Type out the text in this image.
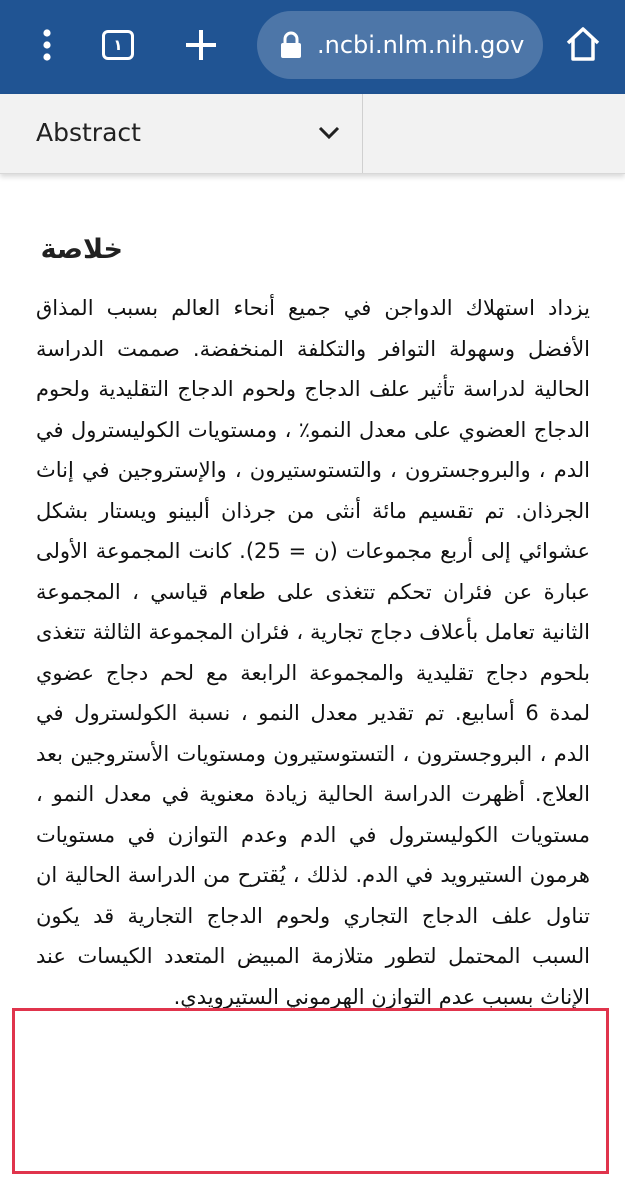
١	.ncbi.nlm.nih.gov
Abstract
خلاصة

يزداد استهلاك الدواجن في جميع أنحاء العالم بسبب المذاق الأفضل وسهولة التوافر والتكلفة المنخفضة. صممت الدراسة الحالية لدراسة تأثير علف الدجاج ولحوم الدجاج التقليدية ولحوم الدجاج العضوي على معدل النمو٪ ، ومستويات الكوليسترول في الدم ، والبروجسترون ، والتستوستيرون ، والإستروجين في إناث الجرذان. تم تقسيم مائة أنثى من جرذان ألبينو ويستار بشكل عشوائي إلى أربع مجموعات (ن = 25). كانت المجموعة الأولى عبارة عن فئران تحكم تتغذى على طعام قياسي ، المجموعة الثانية تعامل بأعلاف دجاج تجارية ، فئران المجموعة الثالثة تتغذى بلحوم دجاج تقليدية والمجموعة الرابعة مع لحم دجاج عضوي لمدة 6 أسابيع. تم تقدير معدل النمو ، نسبة الكولسترول في الدم ، البروجسترون ، التستوستيرون ومستويات الأستروجين بعد العلاج. أظهرت الدراسة الحالية زيادة معنوية في معدل النمو ، مستويات الكوليسترول في الدم وعدم التوازن في مستويات هرمون الستيرويد في الدم. لذلك ، يُقترح من الدراسة الحالية ان تناول علف الدجاج التجاري ولحوم الدجاج التجارية قد يكون السبب المحتمل لتطور متلازمة المبيض المتعدد الكيسات عند الإناث بسبب عدم التوازن الهرموني الستيرويدي.
